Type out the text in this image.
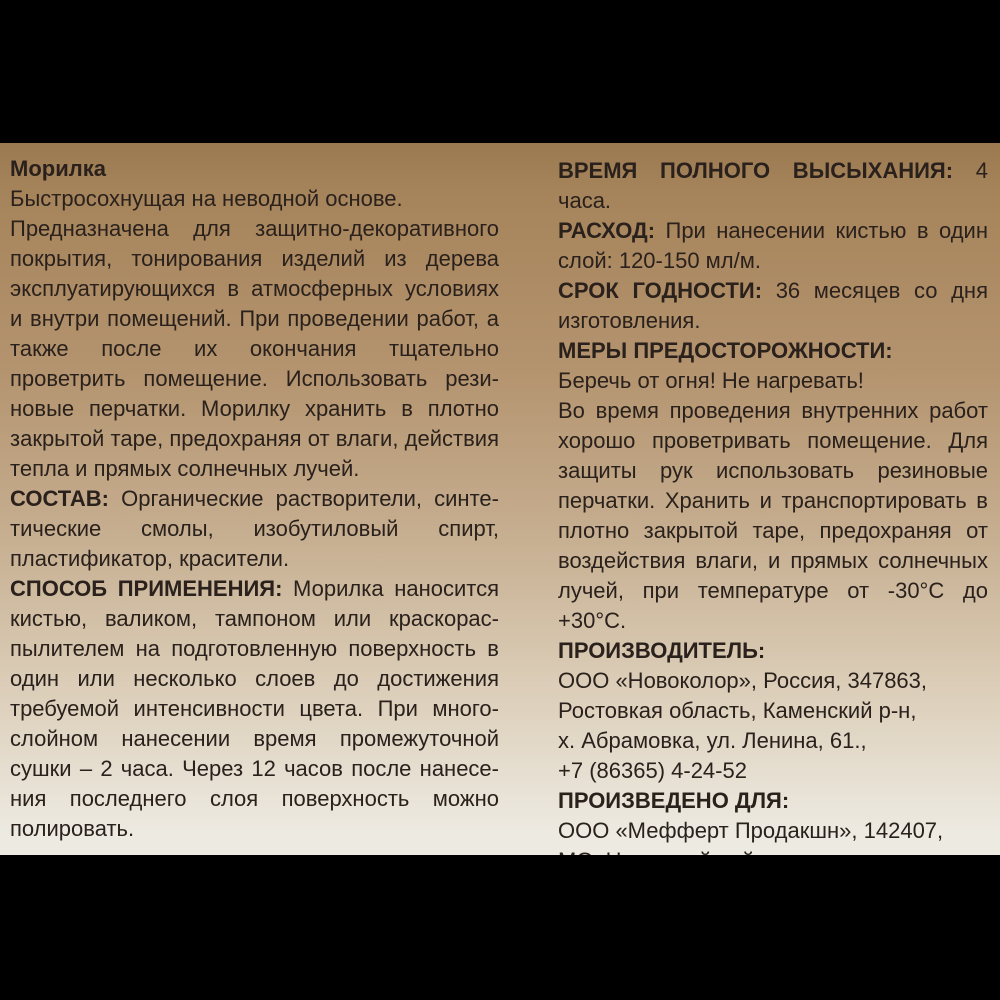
Морилка

Быстросохнущая на неводной основе.

Предназначена для защитно-декоративного покрытия, тонирования изделий из дерева эксплуатирующихся в атмосферных условиях и внутри помещений. При проведении работ, а также после их окончания тщательно проветрить помещение. Использовать рези-новые перчатки. Морилку хранить в плотно закрытой таре, предохраняя от влаги, действия тепла и прямых солнечных лучей.

СОСТАВ: Органические растворители, синте-тические смолы, изобутиловый спирт, пластификатор, красители.

СПОСОБ ПРИМЕНЕНИЯ: Морилка наносится кистью, валиком, тампоном или краскорас-пылителем на подготовленную поверхность в один или несколько слоев до достижения требуемой интенсивности цвета. При много-слойном нанесении время промежуточной сушки – 2 часа. Через 12 часов после нанесе-ния последнего слоя поверхность можно полировать.

ВРЕМЯ ПОЛНОГО ВЫСЫХАНИЯ: 4 часа.

РАСХОД: При нанесении кистью в один слой: 120-150 мл/м.

СРОК ГОДНОСТИ: 36 месяцев со дня изготовления.

МЕРЫ ПРЕДОСТОРОЖНОСТИ:

Беречь от огня! Не нагревать!

Во время проведения внутренних работ хорошо проветривать помещение. Для защиты рук использовать резиновые перчатки. Хранить и транспортировать в плотно закрытой таре, предохраняя от воздействия влаги, и прямых солнечных лучей, при температуре от -30°С до +30°С.

ПРОИЗВОДИТЕЛЬ:

ООО «Новоколор», Россия, 347863,

Ростовкая область, Каменский р-н,

х. Абрамовка, ул. Ленина, 61.,

+7 (86365) 4-24-52

ПРОИЗВЕДЕНО ДЛЯ:

ООО «Мефферт Продакшн», 142407,
